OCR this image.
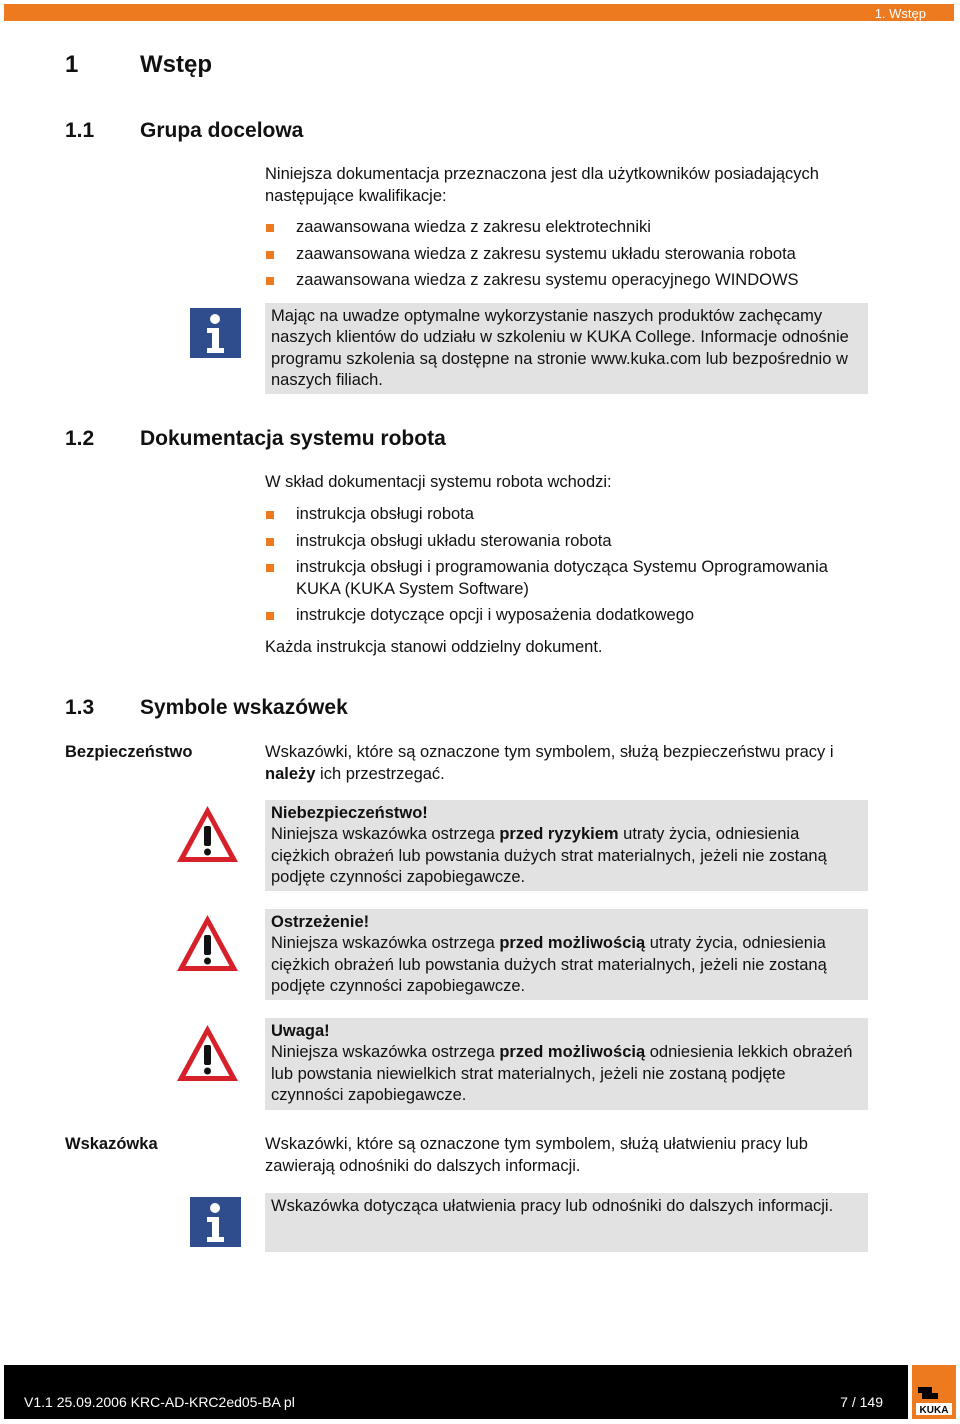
1. Wstęp
1	Wstęp
1.1 Grupa docelowa
Niniejsza dokumentacja przeznaczona jest dla użytkowników posiadających następujące kwalifikacje:
zaawansowana wiedza z zakresu elektrotechniki
zaawansowana wiedza z zakresu systemu układu sterowania robota
zaawansowana wiedza z zakresu systemu operacyjnego WINDOWS
Mając na uwadze optymalne wykorzystanie naszych produktów zachęcamy naszych klientów do udziału w szkoleniu w KUKA College. Informacje odnośnie programu szkolenia są dostępne na stronie www.kuka.com lub bezpośrednio w naszych filiach.
1.2 Dokumentacja systemu robota
W skład dokumentacji systemu robota wchodzi:
instrukcja obsługi robota
instrukcja obsługi układu sterowania robota
instrukcja obsługi i programowania dotycząca Systemu Oprogramowania KUKA (KUKA System Software)
instrukcje dotyczące opcji i wyposażenia dodatkowego
Każda instrukcja stanowi oddzielny dokument.
1.3 Symbole wskazówek
Bezpieczeństwo	Wskazówki, które są oznaczone tym symbolem, służą bezpieczeństwu pracy i należy ich przestrzegać.
Niebezpieczeństwo!
Niniejsza wskazówka ostrzega przed ryzykiem utraty życia, odniesienia ciężkich obrażeń lub powstania dużych strat materialnych, jeżeli nie zostaną podjęte czynności zapobiegawcze.
Ostrzeżenie!
Niniejsza wskazówka ostrzega przed możliwością utraty życia, odniesienia ciężkich obrażeń lub powstania dużych strat materialnych, jeżeli nie zostaną podjęte czynności zapobiegawcze.
Uwaga!
Niniejsza wskazówka ostrzega przed możliwością odniesienia lekkich obrażeń lub powstania niewielkich strat materialnych, jeżeli nie zostaną podjęte czynności zapobiegawcze.
Wskazówka	Wskazówki, które są oznaczone tym symbolem, służą ułatwieniu pracy lub zawierają odnośniki do dalszych informacji.
Wskazówka dotycząca ułatwienia pracy lub odnośniki do dalszych informacji.
V1.1 25.09.2006 KRC-AD-KRC2ed05-BA pl	7 / 149
KUKA
